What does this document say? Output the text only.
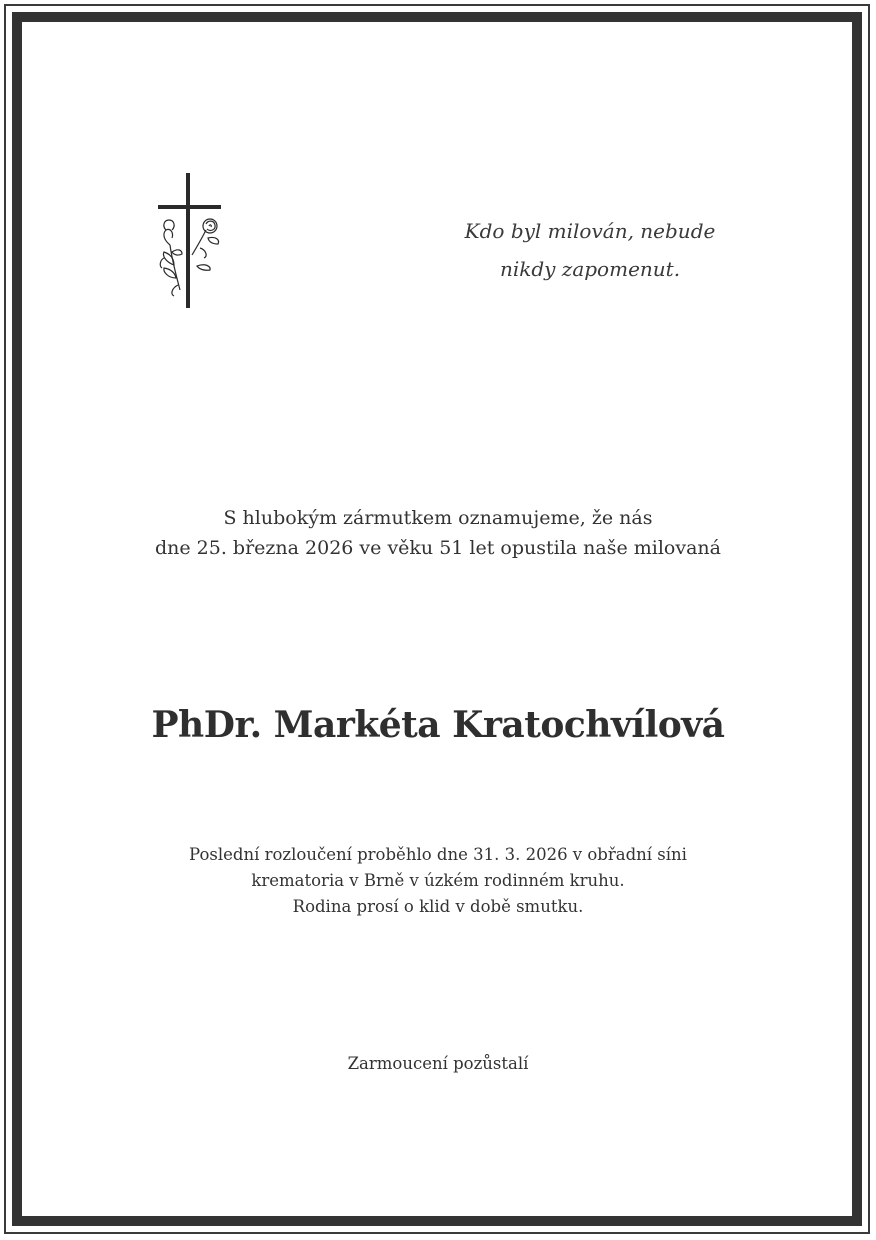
Kdo byl milován, nebude
nikdy zapomenut.
S hlubokým zármutkem oznamujeme, že nás
dne 25. března 2026 ve věku 51 let opustila naše milovaná
PhDr. Markéta Kratochvílová
Poslední rozloučení proběhlo dne 31. 3. 2026 v obřadní síni
krematoria v Brně v úzkém rodinném kruhu.
Rodina prosí o klid v době smutku.
Zarmoucení pozůstalí
